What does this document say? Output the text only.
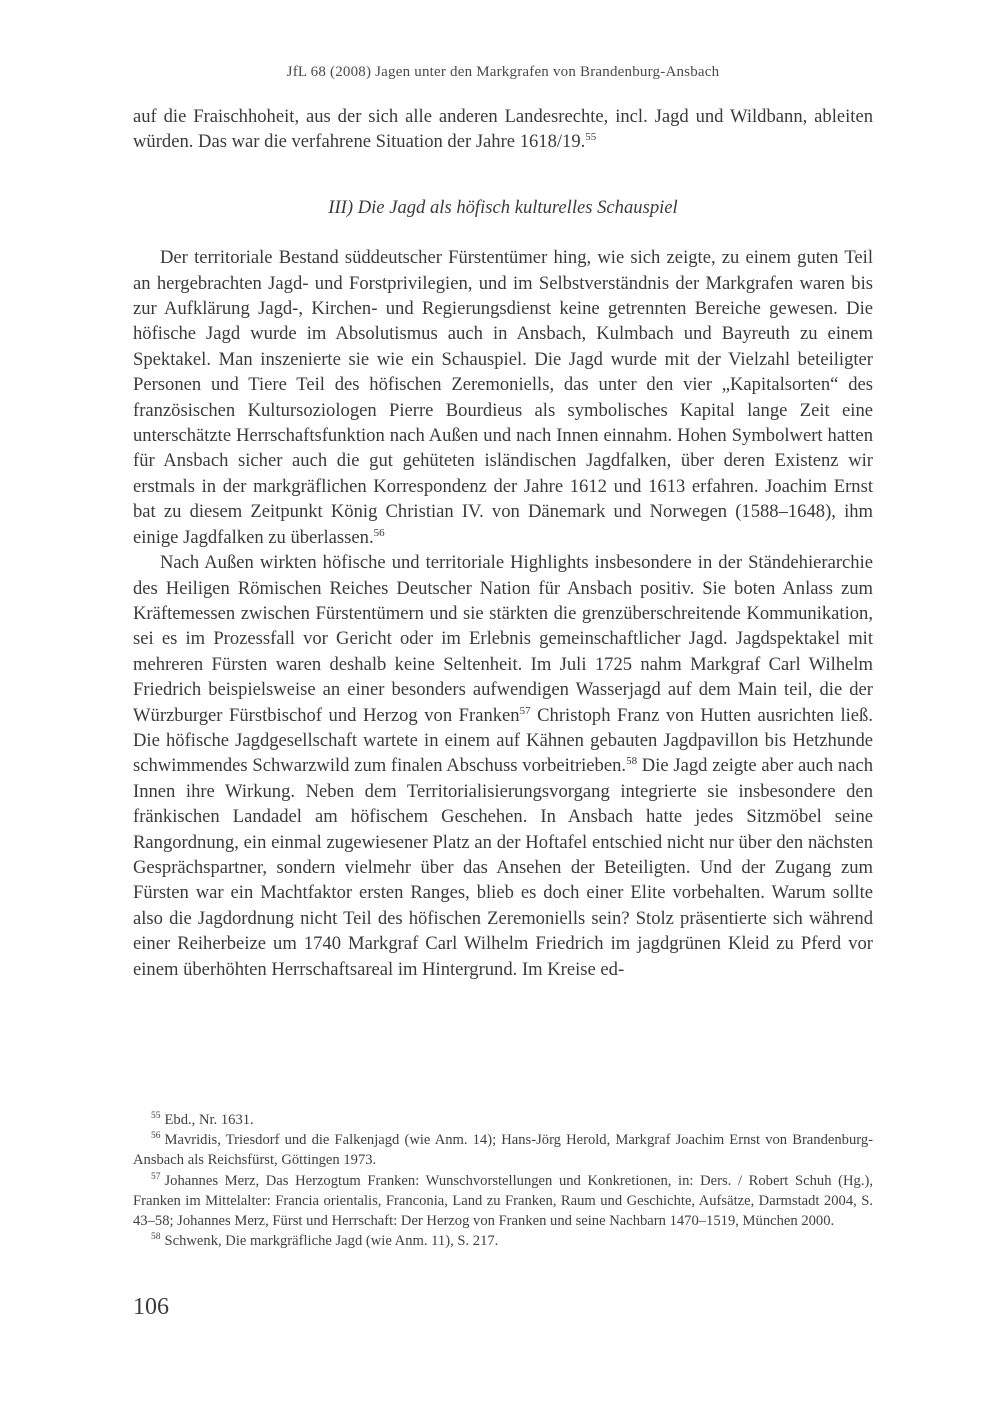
JfL 68 (2008) Jagen unter den Markgrafen von Brandenburg-Ansbach

auf die Fraischhoheit, aus der sich alle anderen Landesrechte, incl. Jagd und Wildbann, ableiten würden. Das war die verfahrene Situation der Jahre 1618/19.55

III) Die Jagd als höfisch kulturelles Schauspiel

Der territoriale Bestand süddeutscher Fürstentümer hing, wie sich zeigte, zu einem guten Teil an hergebrachten Jagd- und Forstprivilegien, und im Selbstverständnis der Markgrafen waren bis zur Aufklärung Jagd-, Kirchen- und Regierungsdienst keine getrennten Bereiche gewesen. Die höfische Jagd wurde im Absolutismus auch in Ansbach, Kulmbach und Bayreuth zu einem Spektakel. Man inszenierte sie wie ein Schauspiel. Die Jagd wurde mit der Vielzahl beteiligter Personen und Tiere Teil des höfischen Zeremoniells, das unter den vier „Kapitalsorten“ des französischen Kultursoziologen Pierre Bourdieus als symbolisches Kapital lange Zeit eine unterschätzte Herrschaftsfunktion nach Außen und nach Innen einnahm. Hohen Symbolwert hatten für Ansbach sicher auch die gut gehüteten isländischen Jagdfalken, über deren Existenz wir erstmals in der markgräflichen Korrespondenz der Jahre 1612 und 1613 erfahren. Joachim Ernst bat zu diesem Zeitpunkt König Christian IV. von Dänemark und Norwegen (1588–1648), ihm einige Jagdfalken zu überlassen.$^{56}$

Nach Außen wirkten höfische und territoriale Highlights insbesondere in der Ständehierarchie des Heiligen Römischen Reiches Deutscher Nation für Ansbach positiv. Sie boten Anlass zum Kräftemessen zwischen Fürstentümern und sie stärkten die grenzüberschreitende Kommunikation, sei es im Prozessfall vor Gericht oder im Erlebnis gemeinschaftlicher Jagd. Jagdspektakel mit mehreren Fürsten waren deshalb keine Seltenheit. Im Juli 1725 nahm Markgraf Carl Wilhelm Friedrich beispielsweise an einer besonders aufwendigen Wasserjagd auf dem Main teil, die der Würzburger Fürstbischof und Herzog von Franken$^{57}$ Christoph Franz von Hutten ausrichten ließ. Die höfische Jagdgesellschaft wartete in einem auf Kähnen gebauten Jagdpavillon bis Hetzhunde schwimmendes Schwarzwild zum finalen Abschuss vorbeitrieben.$^{58}$ Die Jagd zeigte aber auch nach Innen ihre Wirkung. Neben dem Territorialisierungsvorgang integrierte sie insbesondere den fränkischen Landadel am höfischem Geschehen. In Ansbach hatte jedes Sitzmöbel seine Rangordnung, ein einmal zugewiesener Platz an der Hoftafel entschied nicht nur über den nächsten Gesprächspartner, sondern vielmehr über das Ansehen der Beteiligten. Und der Zugang zum Fürsten war ein Machtfaktor ersten Ranges, blieb es doch einer Elite vorbehalten. Warum sollte also die Jagdordnung nicht Teil des höfischen Zeremoniells sein? Stolz präsentierte sich während einer Reiherbeize um 1740 Markgraf Carl Wilhelm Friedrich im jagdgrünen Kleid zu Pferd vor einem überhöhten Herrschaftsareal im Hintergrund. Im Kreise ed-

$^{55}$ Ebd., Nr. 1631.

$^{56}$ Mavridis, Triesdorf und die Falkenjagd (wie Anm. 14); Hans-Jörg Herold, Markgraf Joachim Ernst von Brandenburg-Ansbach als Reichsfürst, Göttingen 1973.

$^{57}$ Johannes Merz, Das Herzogtum Franken: Wunschvorstellungen und Konkretionen, in: Ders. / Robert Schuh (Hg.), Franken im Mittelalter: Francia orientalis, Franconia, Land zu Franken, Raum und Geschichte, Aufsätze, Darmstadt 2004, S. 43–58; Johannes Merz, Fürst und Herrschaft: Der Herzog von Franken und seine Nachbarn 1470–1519, München 2000.

$^{58}$ Schwenk, Die markgräfliche Jagd (wie Anm. 11), S. 217.

106
